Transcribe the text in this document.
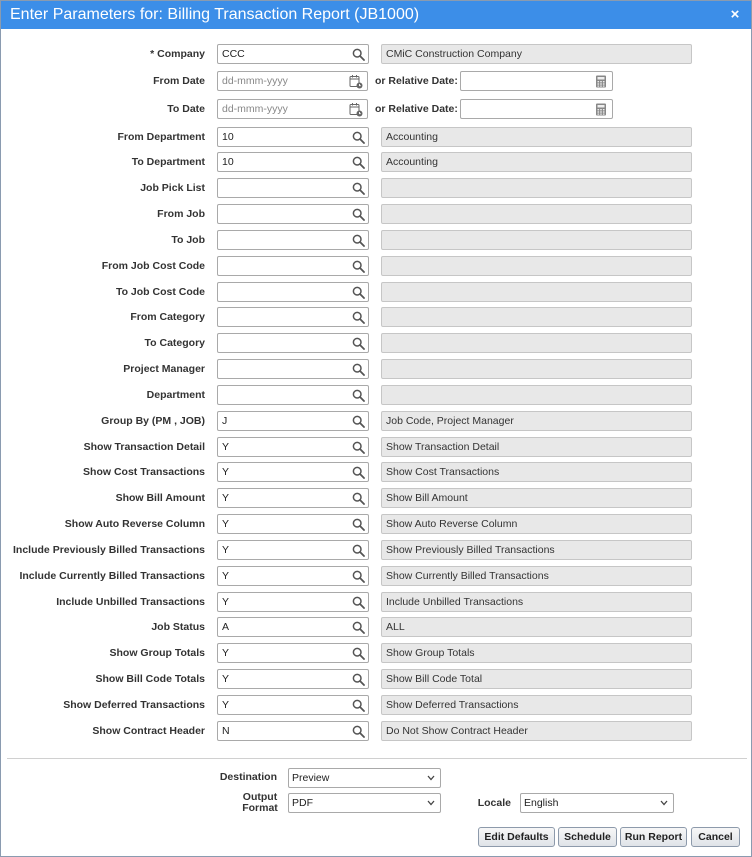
Enter Parameters for: Billing Transaction Report (JB1000)	×
* Company CCC	CMiC Construction Company
From Date dd-mmm-yyyy	or Relative Date:
To Date dd-mmm-yyyy	or Relative Date:
From Department 10	Accounting
To Department 10	Accounting
Job Pick List
From Job
To Job
From Job Cost Code
To Job Cost Code
From Category
To Category
Project Manager
Department
Group By (PM , JOB) J	Job Code, Project Manager
Show Transaction Detail Y	Show Transaction Detail
Show Cost Transactions Y	Show Cost Transactions
Show Bill Amount Y	Show Bill Amount
Show Auto Reverse Column Y	Show Auto Reverse Column
Include Previously Billed Transactions Y	Show Previously Billed Transactions
Include Currently Billed Transactions Y	Show Currently Billed Transactions
Include Unbilled Transactions Y	Include Unbilled Transactions
Job Status A	ALL
Show Group Totals Y	Show Group Totals
Show Bill Code Totals Y	Show Bill Code Total
Show Deferred Transactions Y	Show Deferred Transactions
Show Contract Header N	Do Not Show Contract Header
Destination	Preview
Output
Format	PDF	Locale	English
Edit Defaults	Schedule	Run Report	Cancel
